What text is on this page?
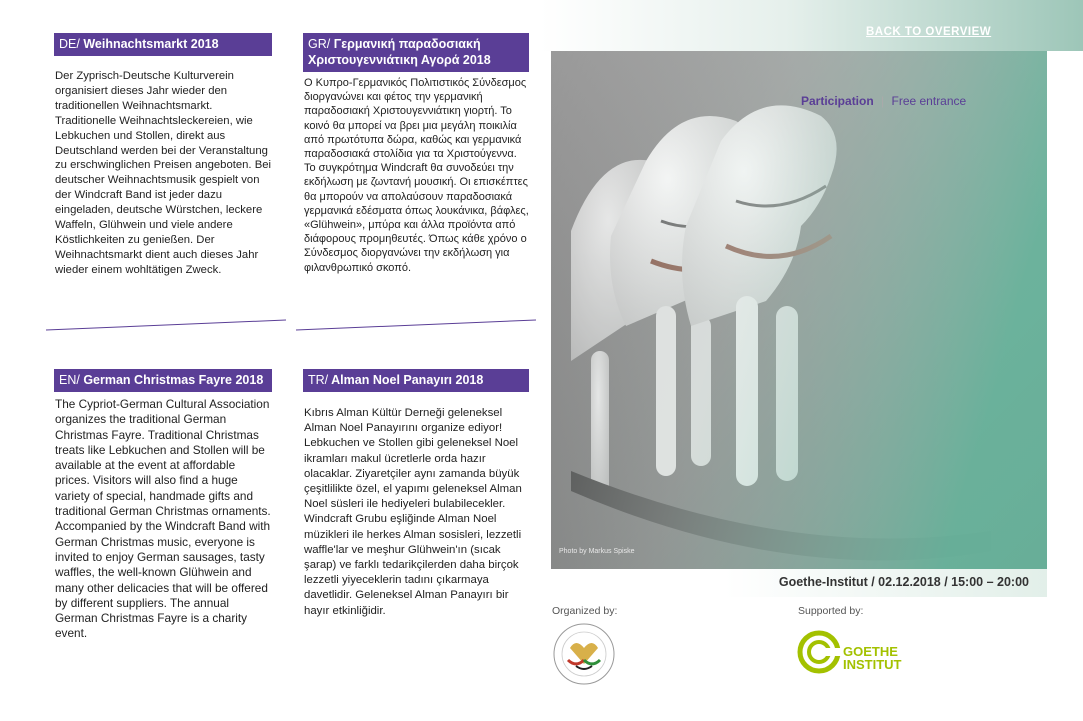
DE/ Weihnachtsmarkt 2018
Der Zyprisch-Deutsche Kulturverein organisiert dieses Jahr wieder den traditionellen Weihnachtsmarkt. Traditionelle Weihnachtsleckereien, wie Lebkuchen und Stollen, direkt aus Deutschland werden bei der Veranstaltung zu erschwinglichen Preisen angeboten. Bei deutscher Weihnachtsmusik gespielt von der Windcraft Band ist jeder dazu eingeladen, deutsche Würstchen, leckere Waffeln, Glühwein und viele andere Köstlichkeiten zu genießen. Der Weihnachtsmarkt dient auch dieses Jahr wieder einem wohltätigen Zweck.
GR/ Γερμανική παραδοσιακή Χριστουγεννιάτικη Αγορά 2018
Ο Κυπρο-Γερμανικός Πολιτιστικός Σύνδεσμος διοργανώνει και φέτος την γερμανική παραδοσιακή Χριστουγεννιάτικη γιορτή. Το κοινό θα μπορεί να βρει μια μεγάλη ποικιλία από πρωτότυπα δώρα, καθώς και γερμανικά παραδοσιακά στολίδια για τα Χριστούγεννα. Το συγκρότημα Windcraft θα συνοδεύει την εκδήλωση με ζωντανή μουσική. Οι επισκέπτες θα μπορούν να απολαύσουν παραδοσιακά γερμανικά εδέσματα όπως λουκάνικα, βάφλες, «Glühwein», μπύρα και άλλα προϊόντα από διάφορους προμηθευτές. Όπως κάθε χρόνο ο Σύνδεσμος διοργανώνει την εκδήλωση για φιλανθρωπικό σκοπό.
EN/ German Christmas Fayre 2018
The Cypriot-German Cultural Association organizes the traditional German Christmas Fayre. Traditional Christmas treats like Lebkuchen and Stollen will be available at the event at affordable prices. Visitors will also find a huge variety of special, handmade gifts and traditional German Christmas ornaments. Accompanied by the Windcraft Band with German Christmas music, everyone is invited to enjoy German sausages, tasty waffles, the well-known Glühwein and many other delicacies that will be offered by different suppliers. The annual German Christmas Fayre is a charity event.
TR/ Alman Noel Panayırı 2018
Kıbrıs Alman Kültür Derneği geleneksel Alman Noel Panayırını organize ediyor! Lebkuchen ve Stollen gibi geleneksel Noel ikramları makul ücretlerle orda hazır olacaklar. Ziyaretçiler aynı zamanda büyük çeşitlilikte özel, el yapımı geleneksel Alman Noel süsleri ile hediyeleri bulabilecekler. Windcraft Grubu eşliğinde Alman Noel müzikleri ile herkes Alman sosisleri, lezzetli waffle'lar ve meşhur Glühwein'ın (sıcak şarap) ve farklı tedarikçilerden daha birçok lezzetli yiyeceklerin tadını çıkarmaya davetlidir. Geleneksel Alman Panayırı bir hayır etkinliğidir.
BACK TO OVERVIEW
Photo by Markus Spiske
Participation | Free entrance
Goethe-Institut / 02.12.2018 / 15:00 – 20:00
Organized by:	Supported by:
GOETHE
INSTITUT
